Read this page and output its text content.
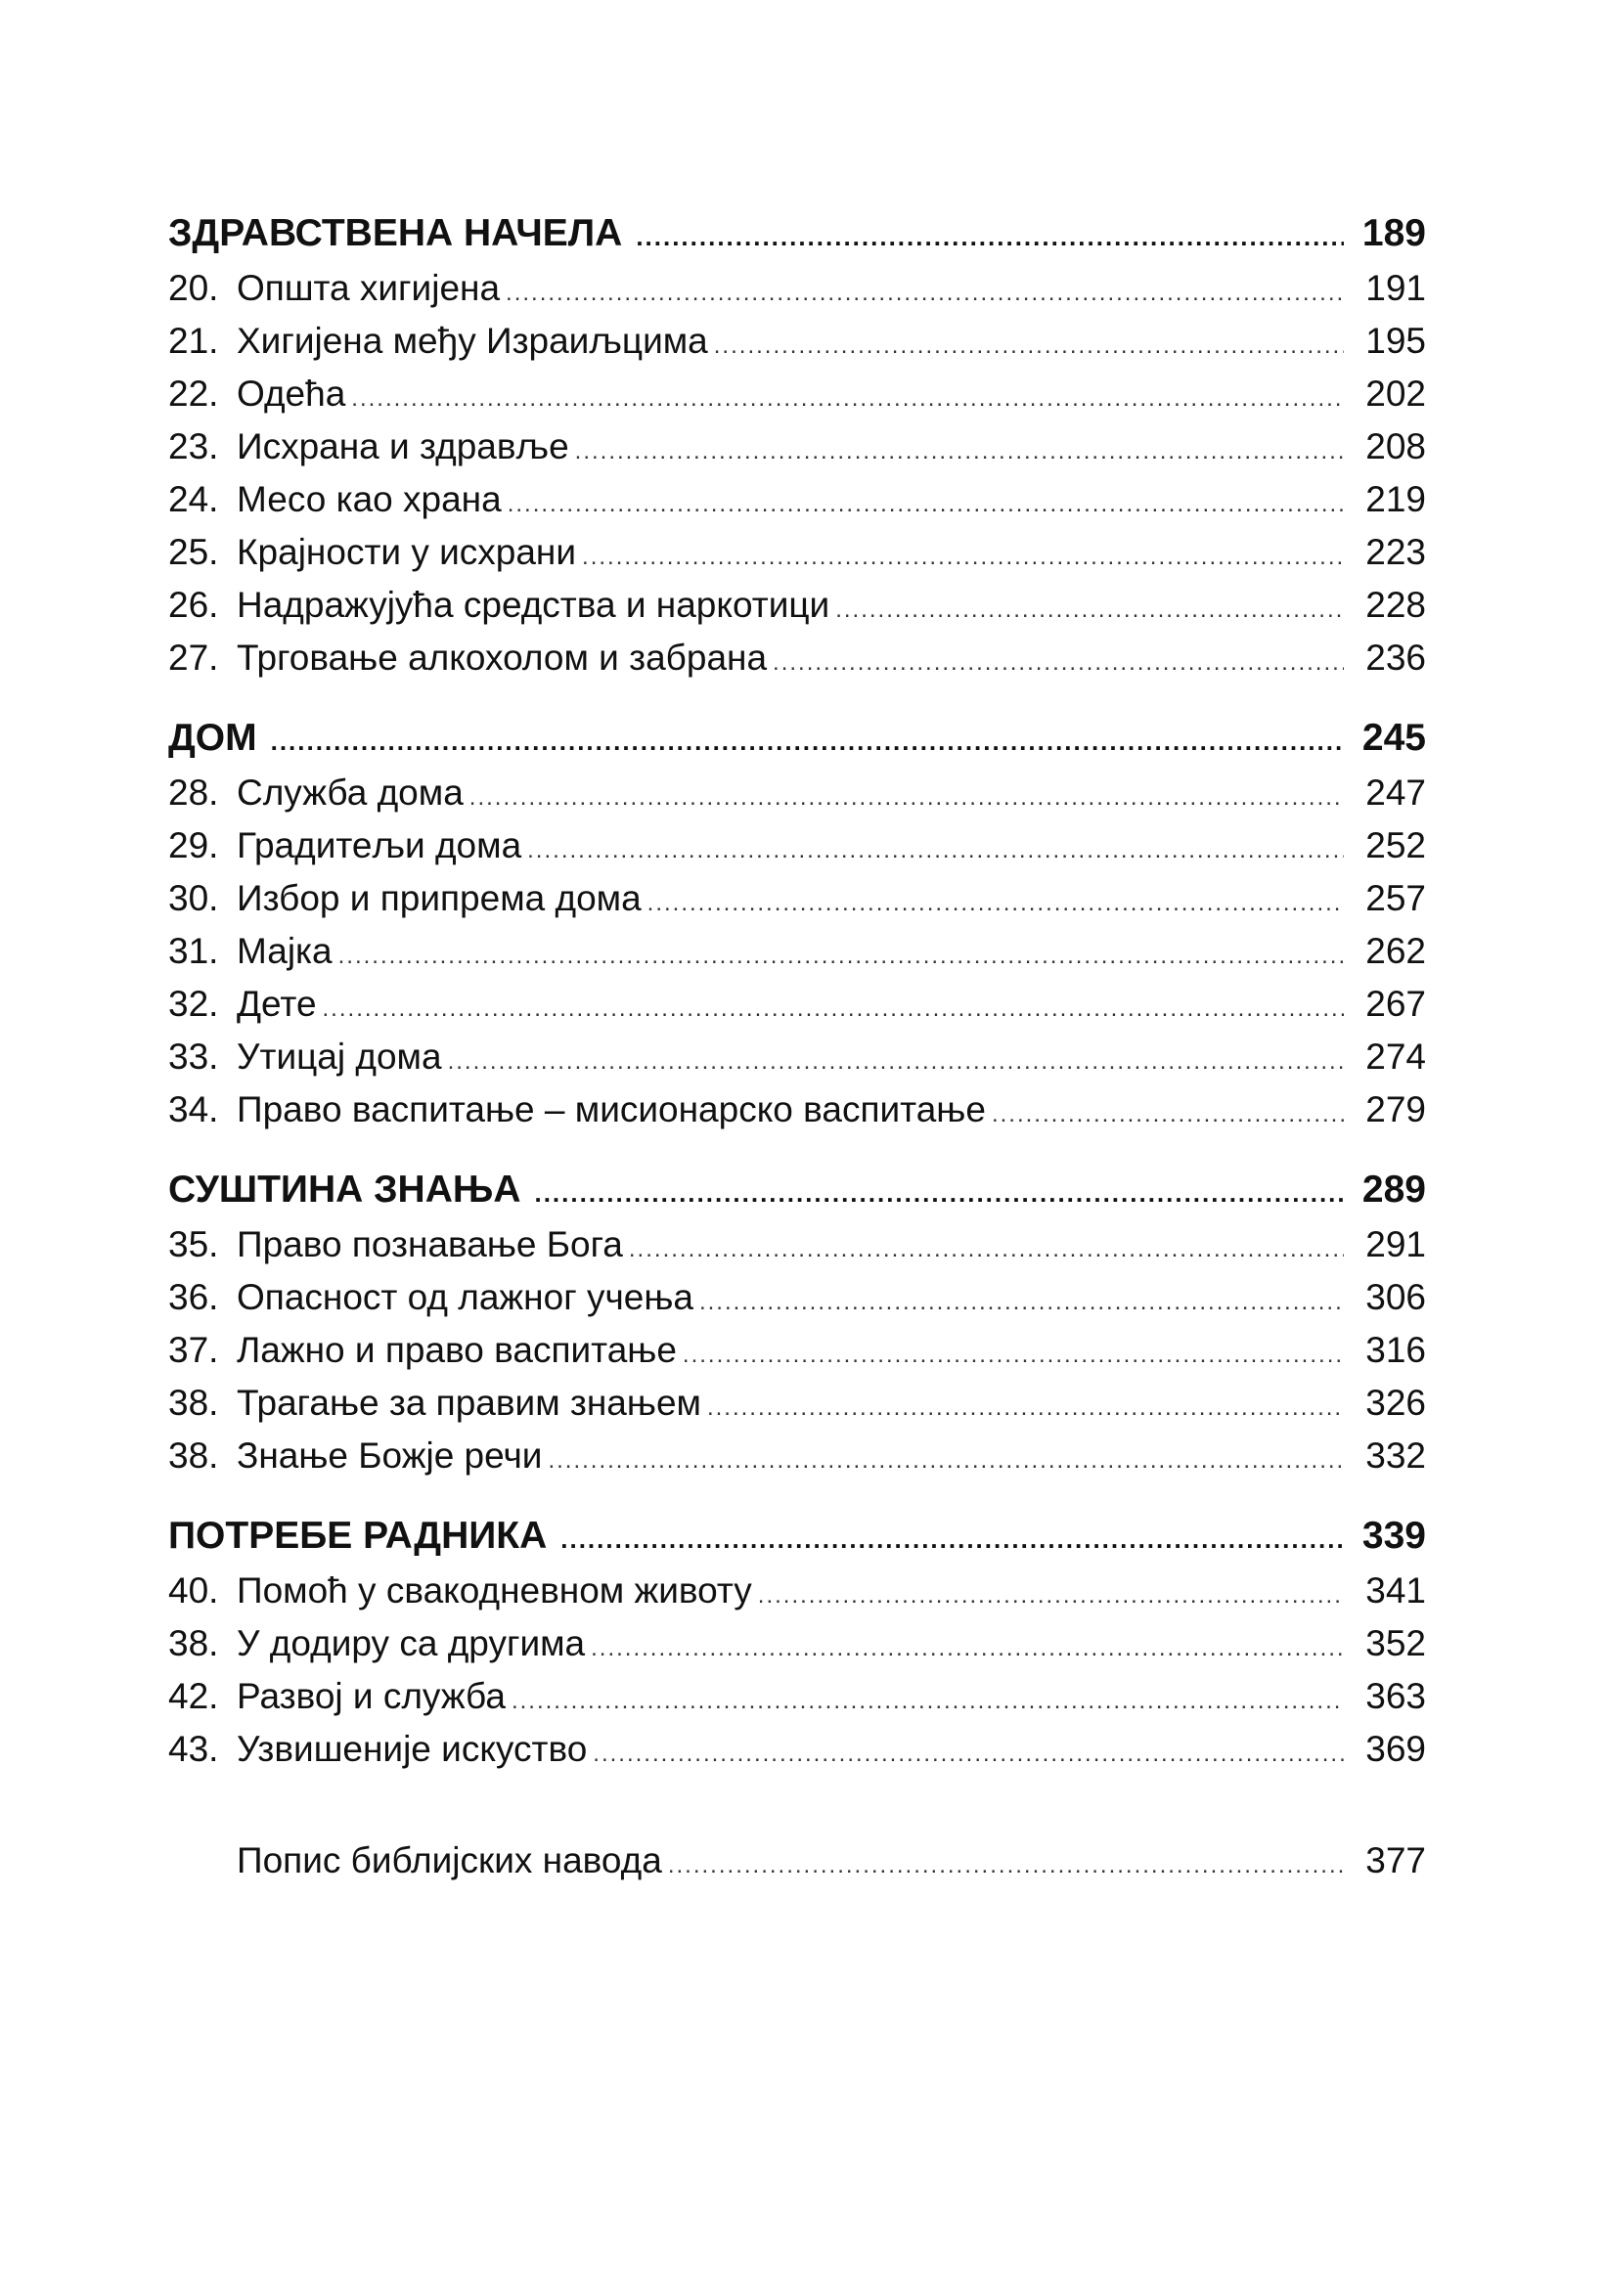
ЗДРАВСТВЕНА НАЧЕЛА .....	189
20. Општа хигијена .....	191
21. Хигијена међу Израиљцима .....	195
22. Одећа .....	202
23. Исхрана и здравље .....	208
24. Месо као храна .....	219
25. Крајности у исхрани .....	223
26. Надражујућа средства и наркотици .....	228
27. Трговање алкохолом и забрана .....	236
ДОМ .....	245
28. Служба дома .....	247
29. Градитељи дома .....	252
30. Избор и припрема дома .....	257
31. Мајка .....	262
32. Дете .....	267
33. Утицај дома .....	274
34. Право васпитање – мисионарско васпитање .....	279
СУШТИНА ЗНАЊА .....	289
35. Право познавање Бога .....	291
36. Опасност од лажног учења .....	306
37. Лажно и право васпитање .....	316
38. Трагање за правим знањем .....	326
38. Знање Божје речи .....	332
ПОТРЕБЕ РАДНИКА .....	339
40. Помоћ у свакодневном животу .....	341
38. У додиру са другима .....	352
42. Развој и служба .....	363
43. Узвишеније искуство .....	369
Попис библијских навода .....	377
